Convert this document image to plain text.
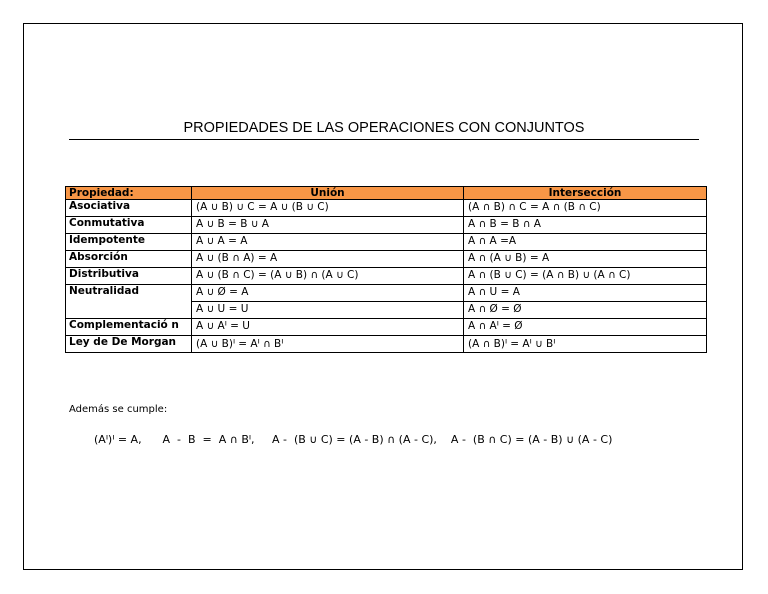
PROPIEDADES DE LAS OPERACIONES CON CONJUNTOS
Propiedad:	Unión	Intersección
Asociativa	(A ∪ B) ∪ C = A ∪ (B ∪ C)	(A ∩ B) ∩ C = A ∩ (B ∩ C)
Conmutativa	A ∪ B = B ∪ A	A ∩ B = B ∩ A
Idempotente	A ∪ A = A	A ∩ A =A
Absorción	A ∪ (B ∩ A) = A	A ∩ (A ∪ B) = A
Distributiva	A ∪ (B ∩ C) = (A ∪ B) ∩ (A ∪ C)	A ∩ (B ∪ C) = (A ∩ B) ∪ (A ∩ C)
Neutralidad	A ∪ Ø = A	A ∩ U = A
	A ∪ U = U	A ∩ Ø = Ø
Complementació n	A ∪ Aᑊ = U	A ∩ Aᑊ = Ø
Ley de De Morgan	(A ∪ B)ᑊ = Aᑊ ∩ Bᑊ	(A ∩ B)ᑊ = Aᑊ ∪ Bᑊ
Además se cumple:
(Aᑊ)ᑊ = A,      A  -  B  =  A ∩ Bᑊ,     A -  (B ∪ C) = (A - B) ∩ (A - C),    A -  (B ∩ C) = (A - B) ∪ (A - C)
